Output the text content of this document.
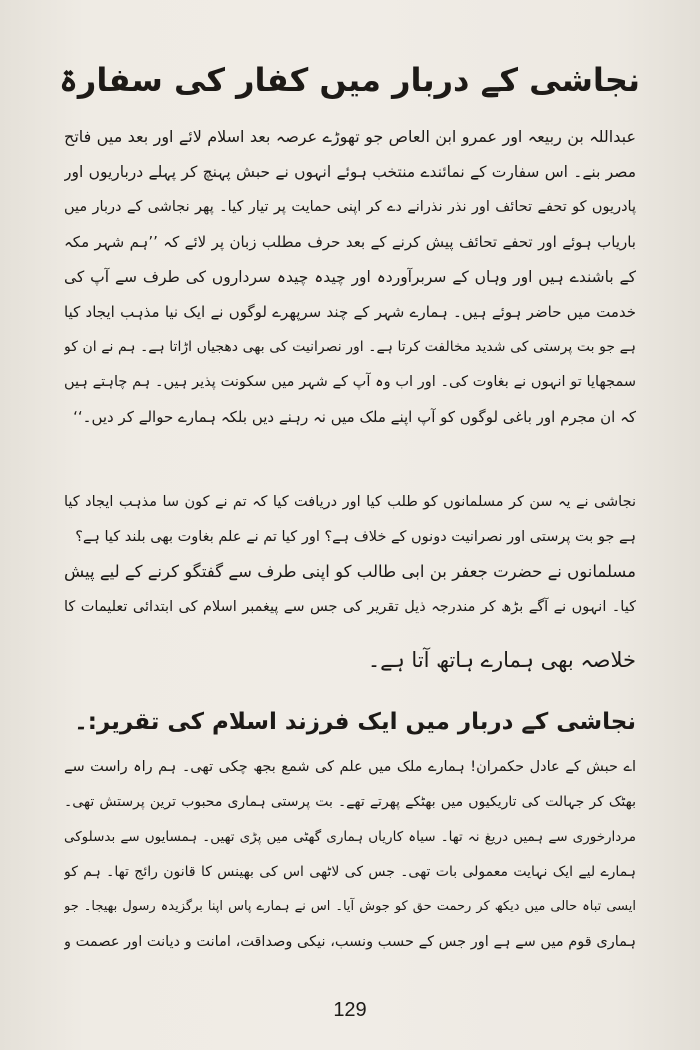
نجاشی کے دربار میں کفار کی سفارۃ
عبداللہ بن ربیعہ اور عمرو ابن العاص جو تھوڑے عرصہ بعد اسلام لائے اور بعد میں فاتح
مصر بنے۔ اس سفارت کے نمائندے منتخب ہوئے انہوں نے حبش پہنچ کر پہلے درباریوں اور
پادریوں کو تحفے تحائف اور نذر نذرانے دے کر اپنی حمایت پر تیار کیا۔ پھر نجاشی کے دربار میں
باریاب ہوئے اور تحفے تحائف پیش کرنے کے بعد حرف مطلب زبان پر لائے کہ ’’ہم شہر مکہ
کے باشندے ہیں اور وہاں کے سربرآوردہ اور چیدہ چیدہ سرداروں کی طرف سے آپ کی
خدمت میں حاضر ہوئے ہیں۔ ہمارے شہر کے چند سرپھرے لوگوں نے ایک نیا مذہب ایجاد کیا
ہے جو بت پرستی کی شدید مخالفت کرتا ہے۔ اور نصرانیت کی بھی دھجیاں اڑاتا ہے۔ ہم نے ان کو
سمجھایا تو انہوں نے بغاوت کی۔ اور اب وہ آپ کے شہر میں سکونت پذیر ہیں۔ ہم چاہتے ہیں
کہ ان مجرم اور باغی لوگوں کو آپ اپنے ملک میں نہ رہنے دیں بلکہ ہمارے حوالے کر دیں۔‘‘
نجاشی نے یہ سن کر مسلمانوں کو طلب کیا اور دریافت کیا کہ تم نے کون سا مذہب ایجاد کیا
ہے جو بت پرستی اور نصرانیت دونوں کے خلاف ہے؟ اور کیا تم نے علم بغاوت بھی بلند کیا ہے؟
مسلمانوں نے حضرت جعفر بن ابی طالب کو اپنی طرف سے گفتگو کرنے کے لیے پیش
کیا۔ انہوں نے آگے بڑھ کر مندرجہ ذیل تقریر کی جس سے پیغمبر اسلام کی ابتدائی تعلیمات کا
خلاصہ بھی ہمارے ہاتھ آتا ہے۔
نجاشی کے دربار میں ایک فرزند اسلام کی تقریر:۔
اے حبش کے عادل حکمران! ہمارے ملک میں علم کی شمع بجھ چکی تھی۔ ہم راہ راست سے
بھٹک کر جہالت کی تاریکیوں میں بھٹکے پھرتے تھے۔ بت پرستی ہماری محبوب ترین پرستش تھی۔
مردارخوری سے ہمیں دریغ نہ تھا۔ سیاہ کاریاں ہماری گھٹی میں پڑی تھیں۔ ہمسایوں سے بدسلوکی
ہمارے لیے ایک نہایت معمولی بات تھی۔ جس کی لاٹھی اس کی بھینس کا قانون رائج تھا۔ ہم کو
ایسی تباہ حالی میں دیکھ کر رحمت حق کو جوش آیا۔ اس نے ہمارے پاس اپنا برگزیدہ رسول بھیجا۔ جو
ہماری قوم میں سے ہے اور جس کے حسب ونسب، نیکی وصداقت، امانت و دیانت اور عصمت و
129
